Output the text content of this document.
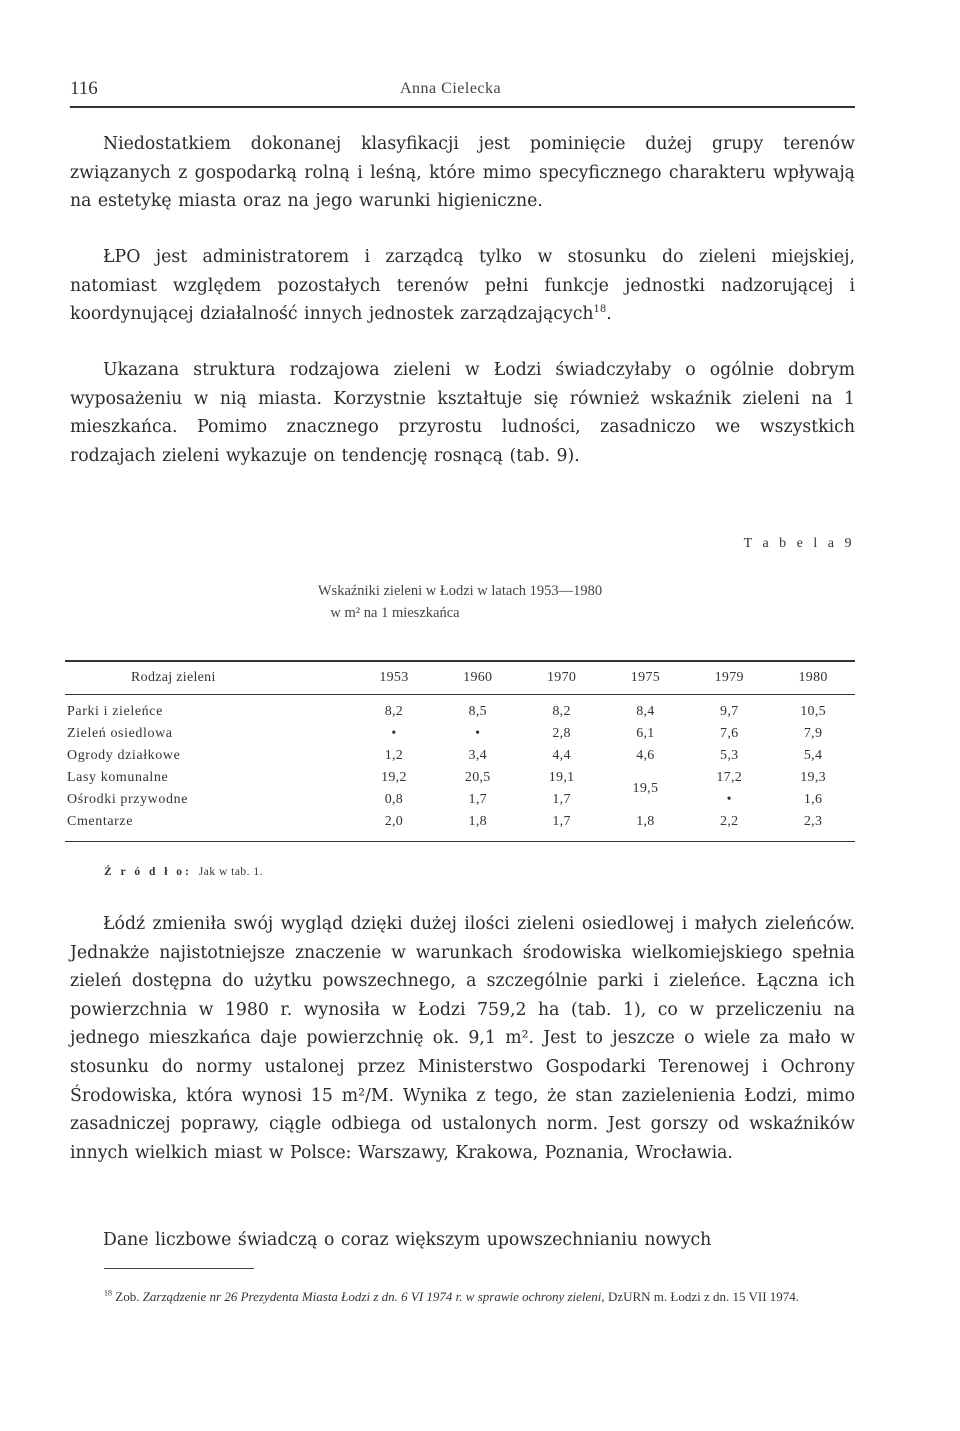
116	Anna Cielecka

Niedostatkiem dokonanej klasyfikacji jest pominięcie dużej grupy terenów związanych z gospodarką rolną i leśną, które mimo specyficznego charakteru wpływają na estetykę miasta oraz na jego warunki higieniczne.

ŁPO jest administratorem i zarządcą tylko w stosunku do zieleni miejskiej, natomiast względem pozostałych terenów pełni funkcje jednostki nadzorującej i koordynującej działalność innych jednostek zarządzających$^{18}$.

Ukazana struktura rodzajowa zieleni w Łodzi świadczyłaby o ogólnie dobrym wyposażeniu w nią miasta. Korzystnie kształtuje się również wskaźnik zieleni na 1 mieszkańca. Pomimo znacznego przyrostu ludności, zasadniczo we wszystkich rodzajach zieleni wykazuje on tendencję rosnącą (tab. 9).

T a b e l a 9
Wskaźniki zieleni w Łodzi w latach 1953—1980
w m² na 1 mieszkańca
Rodzaj zieleni	1953	1960	1970	1975	1979	1980
Parki i zieleńce	8,2	8,5	8,2	8,4	9,7	10,5
Zieleń osiedlowa	•	•	2,8	6,1	7,6	7,9
Ogrody działkowe	1,2	3,4	4,4	4,6	5,3	5,4
Lasy komunalne	19,2	20,5	19,1	19,5	17,2	19,3
Ośrodki przywodne	0,8	1,7	1,7		•	1,6
Cmentarze	2,0	1,8	1,7	1,8	2,2	2,3
Ź r ó d ł o: Jak w tab. 1.

Łódź zmieniła swój wygląd dzięki dużej ilości zieleni osiedlowej i małych zieleńców. Jednakże najistotniejsze znaczenie w warunkach środowiska wielkomiejskiego spełnia zieleń dostępna do użytku powszechnego, a szczególnie parki i zieleńce. Łączna ich powierzchnia w 1980 r. wynosiła w Łodzi 759,2 ha (tab. 1), co w przeliczeniu na jednego mieszkańca daje powierzchnię ok. 9,1 m². Jest to jeszcze o wiele za mało w stosunku do normy ustalonej przez Ministerstwo Gospodarki Terenowej i Ochrony Środowiska, która wynosi 15 m²/M. Wynika z tego, że stan zazielenienia Łodzi, mimo zasadniczej poprawy, ciągle odbiega od ustalonych norm. Jest gorszy od wskaźników innych wielkich miast w Polsce: Warszawy, Krakowa, Poznania, Wrocławia.

Dane liczbowe świadczą o coraz większym upowszechnianiu nowych

$^{18}$ Zob. Zarządzenie nr 26 Prezydenta Miasta Łodzi z dn. 6 VI 1974 r. w sprawie ochrony zieleni, DzURN m. Łodzi z dn. 15 VII 1974.
